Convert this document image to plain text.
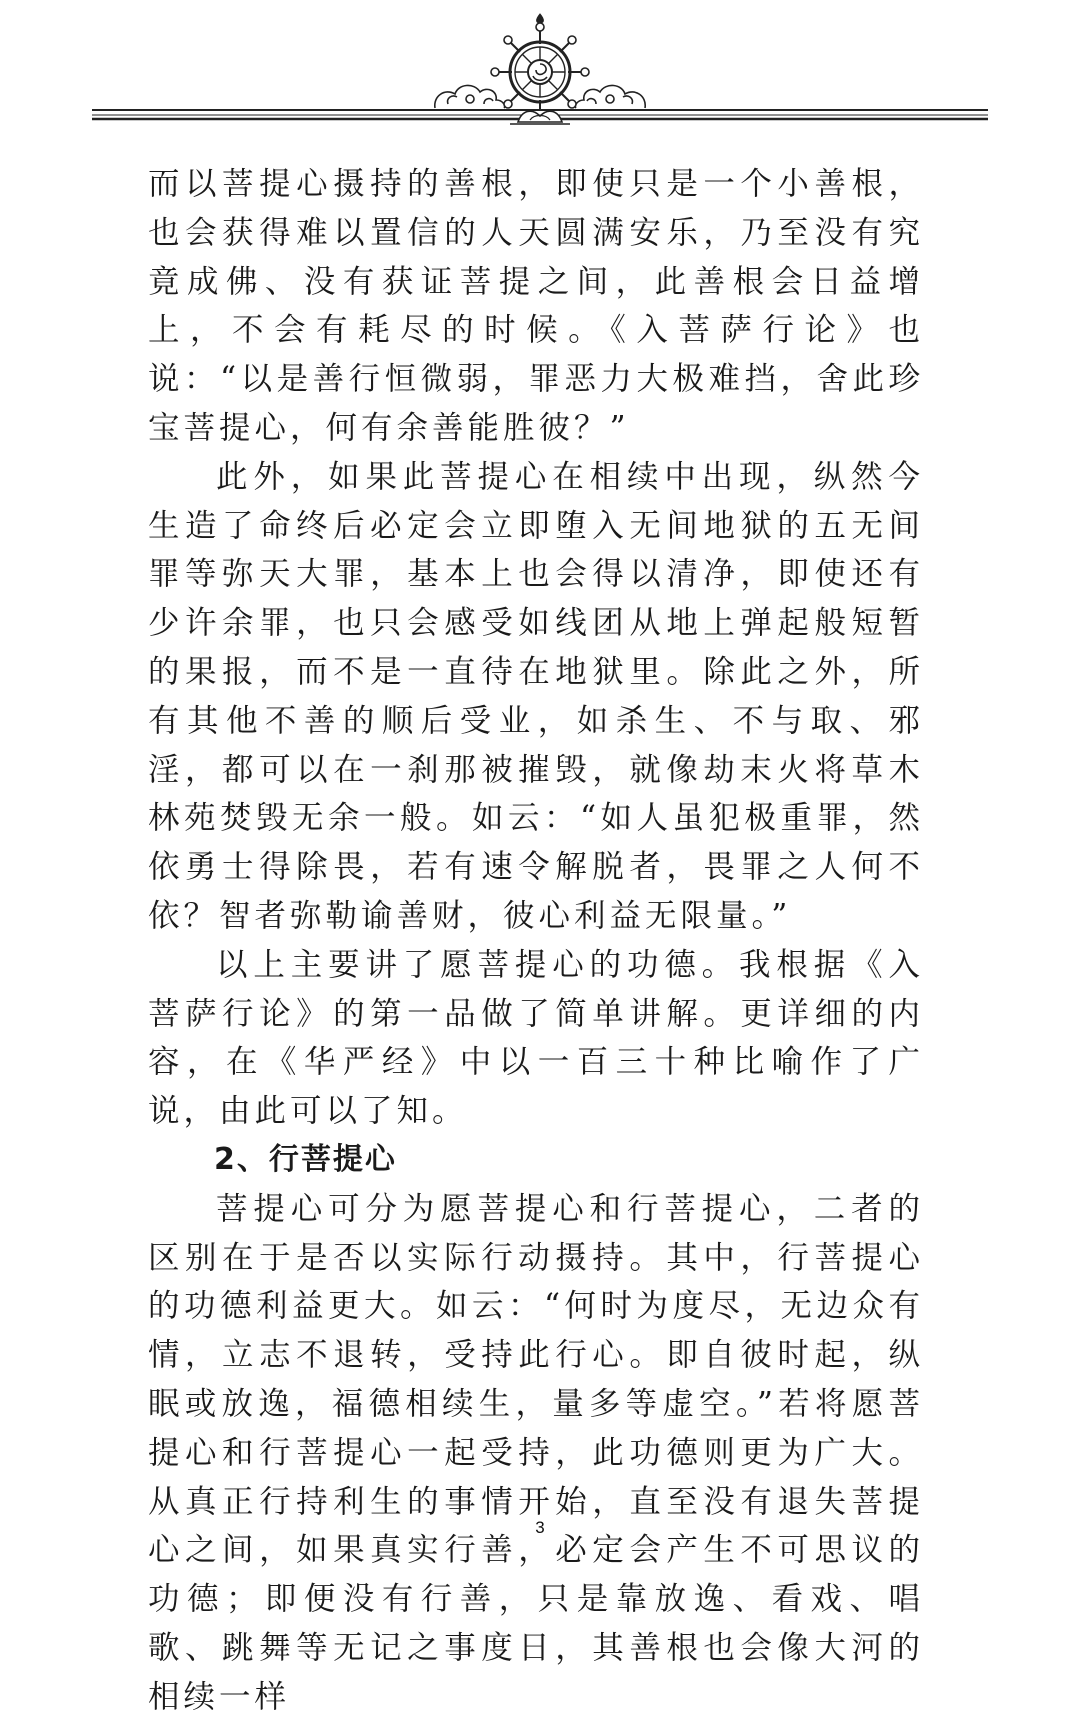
而以菩提心摄持的善根，即使只是一个小善根，也会获得难以置信的人天圆满安乐，乃至没有究竟成佛、没有获证菩提之间，此善根会日益增上，不会有耗尽的时候。《入菩萨行论》也说：“以是善行恒微弱，罪恶力大极难挡，舍此珍宝菩提心，何有余善能胜彼？”

此外，如果此菩提心在相续中出现，纵然今生造了命终后必定会立即堕入无间地狱的五无间罪等弥天大罪，基本上也会得以清净，即使还有少许余罪，也只会感受如线团从地上弹起般短暂的果报，而不是一直待在地狱里。除此之外，所有其他不善的顺后受业，如杀生、不与取、邪淫，都可以在一刹那被摧毁，就像劫末火将草木林苑焚毁无余一般。如云：“如人虽犯极重罪，然依勇士得除畏，若有速令解脱者，畏罪之人何不依？智者弥勒谕善财，彼心利益无限量。”

以上主要讲了愿菩提心的功德。我根据《入菩萨行论》的第一品做了简单讲解。更详细的内容，在《华严经》中以一百三十种比喻作了广说，由此可以了知。

2、行菩提心

菩提心可分为愿菩提心和行菩提心，二者的区别在于是否以实际行动摄持。其中，行菩提心的功德利益更大。如云：“何时为度尽，无边众有情，立志不退转，受持此行心。即自彼时起，纵眠或放逸，福德相续生，量多等虚空。”若将愿菩提心和行菩提心一起受持，此功德则更为广大。从真正行持利生的事情开始，直至没有退失菩提心之间，如果真实行善，必定会产生不可思议的功德；即便没有行善，只是靠放逸、看戏、唱歌、跳舞等无记之事度日，其善根也会像大河的相续一样

3
